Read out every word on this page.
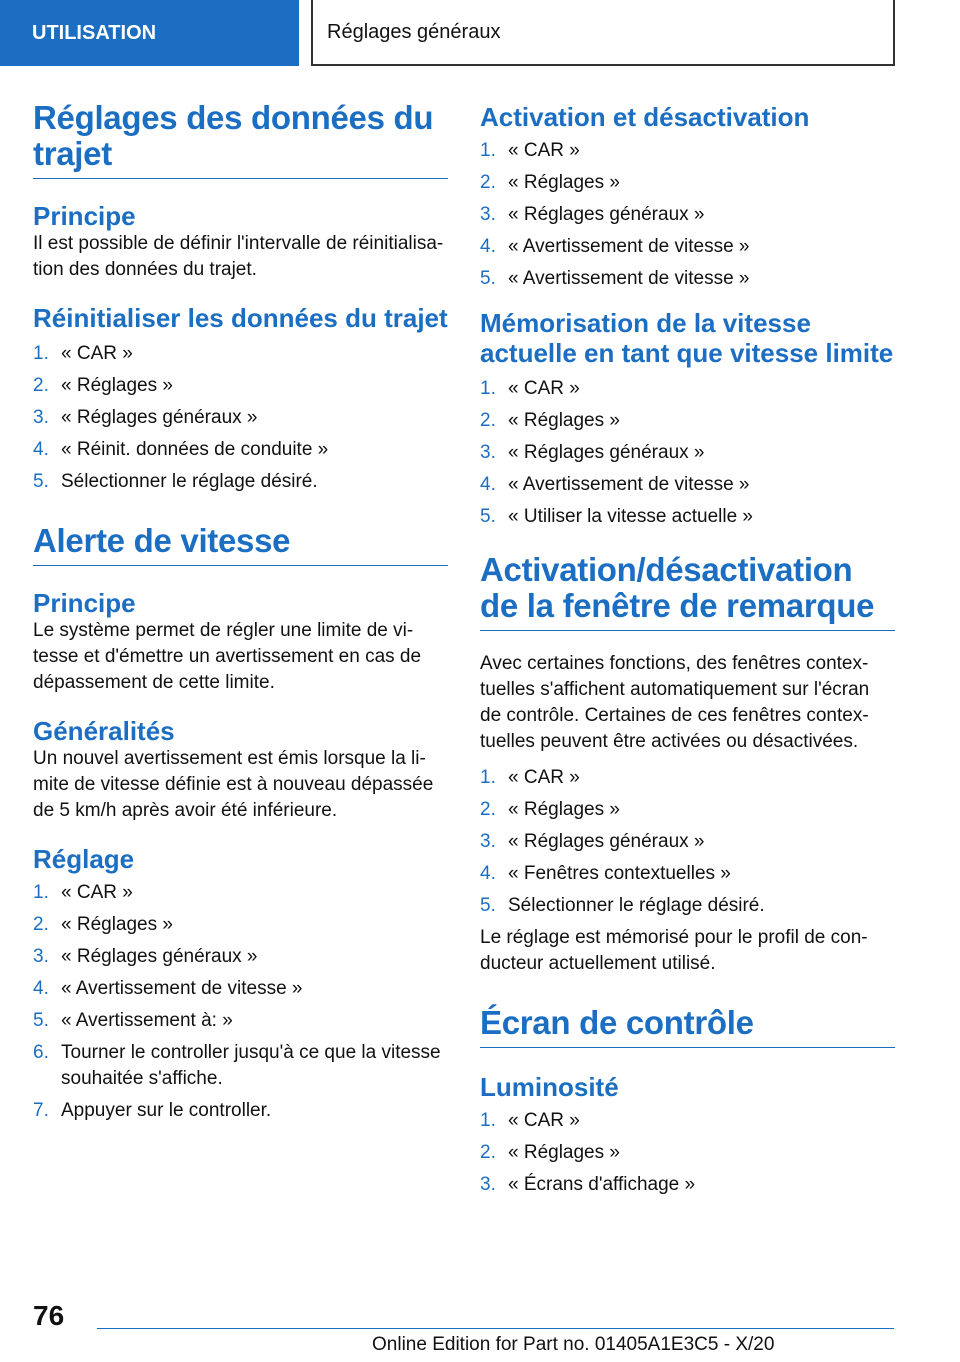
UTILISATION	Réglages généraux
Réglages des données du trajet
Principe

Il est possible de définir l'intervalle de réinitialisation des données du trajet.

Réinitialiser les données du trajet
1. « CAR »
2. « Réglages »
3. « Réglages généraux »
4. « Réinit. données de conduite »
5. Sélectionner le réglage désiré.
Alerte de vitesse
Principe

Le système permet de régler une limite de vitesse et d'émettre un avertissement en cas de dépassement de cette limite.

Généralités

Un nouvel avertissement est émis lorsque la limite de vitesse définie est à nouveau dépassée de 5 km/h après avoir été inférieure.

Réglage
1. « CAR »
2. « Réglages »
3. « Réglages généraux »
4. « Avertissement de vitesse »
5. « Avertissement à: »
6. Tourner le controller jusqu'à ce que la vitesse souhaitée s'affiche.
7. Appuyer sur le controller.
Activation et désactivation
1. « CAR »
2. « Réglages »
3. « Réglages généraux »
4. « Avertissement de vitesse »
5. « Avertissement de vitesse »
Mémorisation de la vitesse actuelle en tant que vitesse limite
1. « CAR »
2. « Réglages »
3. « Réglages généraux »
4. « Avertissement de vitesse »
5. « Utiliser la vitesse actuelle »
Activation/désactivation de la fenêtre de remarque

Avec certaines fonctions, des fenêtres contextuelles s'affichent automatiquement sur l'écran de contrôle. Certaines de ces fenêtres contextuelles peuvent être activées ou désactivées.

1. « CAR »
2. « Réglages »
3. « Réglages généraux »
4. « Fenêtres contextuelles »
5. Sélectionner le réglage désiré.

Le réglage est mémorisé pour le profil de conducteur actuellement utilisé.

Écran de contrôle
Luminosité
1. « CAR »
2. « Réglages »
3. « Écrans d'affichage »
76
Online Edition for Part no. 01405A1E3C5 - X/20
